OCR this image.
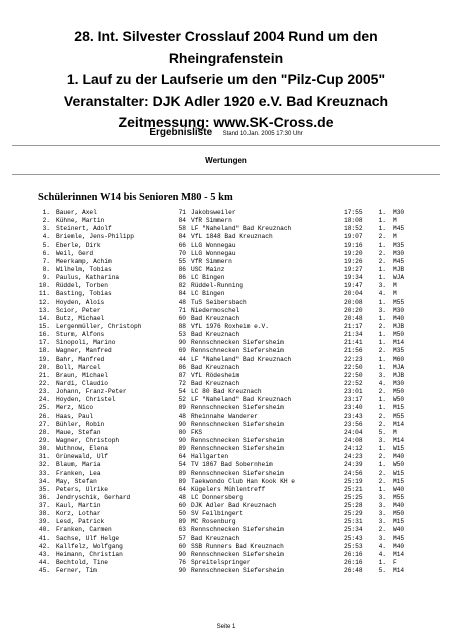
28. Int. Silvester Crosslauf 2004 Rund um den
Rheingrafenstein
1. Lauf zu der Laufserie um den "Pilz-Cup 2005"
Veranstalter: DJK Adler 1920 e.V. Bad Kreuznach
Zeitmessung: www.SK-Cross.de
Ergebnisliste Stand 10.Jan. 2005 17:30 Uhr
Wertungen
Schülerinnen W14 bis Senioren M80 - 5 km
1. Bauer, Axel	71 Jakobsweiler	17:55	1. M30
2. Kühne, Martin	84 VfR Simmern	18:08	1. M
3. Steinert, Adolf	58 LF "Naheland" Bad Kreuznach	18:52	1. M45
4. Briemle, Jens-Philipp	84 VfL 1848 Bad Kreuznach	19:07	2. M
5. Eberle, Dirk	66 LLG Wonnegau	19:16	1. M35
6. Weil, Gerd	70 LLG Wonnegau	19:20	2. M30
7. Meerkamp, Achim	55 VfR Simmern	19:26	2. M45
8. Wilhelm, Tobias	86 USC Mainz	19:27	1. MJB
9. Paulus, Katharina	86 LC Bingen	19:34	1. WJA
10. Rüddel, Torben	82 Rüddel-Running	19:47	3. M
11. Basting, Tobias	84 LC Bingen	20:04	4. M
12. Hoyden, Alois	48 TuS Seibersbach	20:08	1. M55
13. Scior, Peter	71 Niedermoschel	20:20	3. M30
14. Butz, Michael	60 Bad Kreuznach	20:48	1. M40
15. Lergenmüller, Christoph	88 VfL 1976 Roxheim e.V.	21:17	2. MJB
16. Sturm, Alfons	53 Bad Kreuznach	21:34	1. M50
17. Sinopoli, Marino	90 Rennschnecken Siefersheim	21:41	1. M14
18. Wagner, Manfred	69 Rennschnecken Siefersheim	21:56	2. M35
19. Bahr, Manfred	44 LF "Naheland" Bad Kreuznach	22:23	1. M60
20. Boll, Marcel	86 Bad Kreuznach	22:50	1. MJA
21. Braun, Michael	87 VfL Rödesheim	22:50	3. MJB
22. Nardi, Claudio	72 Bad Kreuznach	22:52	4. M30
23. Johann, Franz-Peter	54 LC 80 Bad Kreuznach	23:01	2. M50
24. Hoyden, Christel	52 LF "Naheland" Bad Kreuznach	23:17	1. W50
25. Merz, Nico	89 Rennschnecken Siefersheim	23:40	1. M15
26. Haas, Paul	48 Rheinnahe Wanderer	23:43	2. M55
27. Bühler, Robin	90 Rennschnecken Siefersheim	23:56	2. M14
28. Maue, Stefan	80 FKS	24:04	5. M
29. Wagner, Christoph	90 Rennschnecken Siefersheim	24:08	3. M14
30. Wuthnow, Elena	89 Rennschnecken Siefersheim	24:12	1. W15
31. Grünewald, Ulf	64 Hallgarten	24:23	2. M40
32. Blaum, Maria	54 TV 1867 Bad Sobernheim	24:39	1. W50
33. Franken, Lea	89 Rennschnecken Siefersheim	24:56	2. W15
34. May, Stefan	89 Taekwondo Club Han Kook KH e	25:19	2. M15
35. Peters, Ulrike	64 Kügelers Mühlentreff	25:21	1. W40
36. Jendryschik, Gerhard	48 LC Donnersberg	25:25	3. M55
37. Kaul, Martin	60 DJK Adler Bad Kreuznach	25:28	3. M40
38. Korz, Lothar	50 SV Feilbingert	25:29	3. M50
39. Lesd, Patrick	89 MC Rosenburg	25:31	3. M15
40. Franken, Carmen	63 Rennschnecken Siefersheim	25:34	2. W40
41. Sachse, Ulf Helge	57 Bad Kreuznach	25:43	3. M45
42. Kallfelz, Wolfgang	60 SSB Runners Bad Kreuznach	25:53	4. M40
43. Heimann, Christian	90 Rennschnecken Siefersheim	26:16	4. M14
44. Bechtold, Tine	76 Spreitelspringer	26:16	1. F
45. Ferner, Tim	90 Rennschnecken Siefersheim	26:48	5. M14
Seite 1
